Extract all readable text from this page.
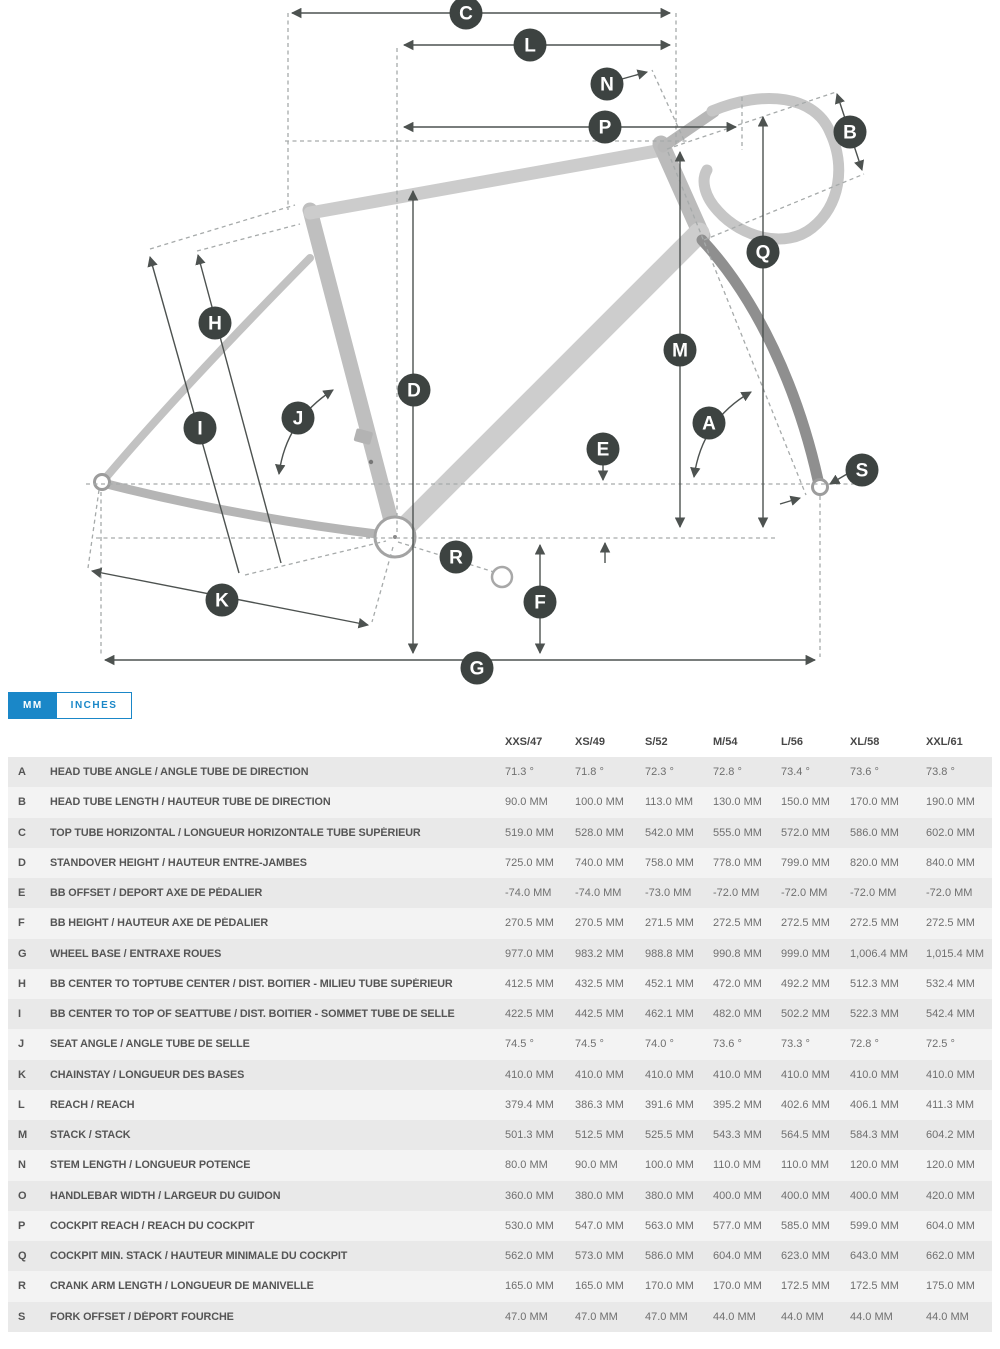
C
L
N
P	B
Q
H
M
D
J	A
I
E
S
R
K	F
G
MM	INCHES
XXS/47	XS/49	S/52	M/54	L/56	XL/58	XXL/61
A	HEAD TUBE ANGLE / ANGLE TUBE DE DIRECTION	71.3 °	71.8 °	72.3 °	72.8 °	73.4 °	73.6 °	73.8 °
B	HEAD TUBE LENGTH / HAUTEUR TUBE DE DIRECTION	90.0 MM	100.0 MM	113.0 MM	130.0 MM	150.0 MM	170.0 MM	190.0 MM
C	TOP TUBE HORIZONTAL / LONGUEUR HORIZONTALE TUBE SUPÉRIEUR	519.0 MM	528.0 MM	542.0 MM	555.0 MM	572.0 MM	586.0 MM	602.0 MM
D	STANDOVER HEIGHT / HAUTEUR ENTRE-JAMBES	725.0 MM	740.0 MM	758.0 MM	778.0 MM	799.0 MM	820.0 MM	840.0 MM
E	BB OFFSET / DEPORT AXE DE PÉDALIER	-74.0 MM	-74.0 MM	-73.0 MM	-72.0 MM	-72.0 MM	-72.0 MM	-72.0 MM
F	BB HEIGHT / HAUTEUR AXE DE PÉDALIER	270.5 MM	270.5 MM	271.5 MM	272.5 MM	272.5 MM	272.5 MM	272.5 MM
G	WHEEL BASE / ENTRAXE ROUES	977.0 MM	983.2 MM	988.8 MM	990.8 MM	999.0 MM	1,006.4 MM	1,015.4 MM
H	BB CENTER TO TOPTUBE CENTER / DIST. BOITIER - MILIEU TUBE SUPÉRIEUR	412.5 MM	432.5 MM	452.1 MM	472.0 MM	492.2 MM	512.3 MM	532.4 MM
I	BB CENTER TO TOP OF SEATTUBE / DIST. BOITIER - SOMMET TUBE DE SELLE	422.5 MM	442.5 MM	462.1 MM	482.0 MM	502.2 MM	522.3 MM	542.4 MM
J	SEAT ANGLE / ANGLE TUBE DE SELLE	74.5 °	74.5 °	74.0 °	73.6 °	73.3 °	72.8 °	72.5 °
K	CHAINSTAY / LONGUEUR DES BASES	410.0 MM	410.0 MM	410.0 MM	410.0 MM	410.0 MM	410.0 MM	410.0 MM
L	REACH / REACH	379.4 MM	386.3 MM	391.6 MM	395.2 MM	402.6 MM	406.1 MM	411.3 MM
M	STACK / STACK	501.3 MM	512.5 MM	525.5 MM	543.3 MM	564.5 MM	584.3 MM	604.2 MM
N	STEM LENGTH / LONGUEUR POTENCE	80.0 MM	90.0 MM	100.0 MM	110.0 MM	110.0 MM	120.0 MM	120.0 MM
O	HANDLEBAR WIDTH / LARGEUR DU GUIDON	360.0 MM	380.0 MM	380.0 MM	400.0 MM	400.0 MM	400.0 MM	420.0 MM
P	COCKPIT REACH / REACH DU COCKPIT	530.0 MM	547.0 MM	563.0 MM	577.0 MM	585.0 MM	599.0 MM	604.0 MM
Q	COCKPIT MIN. STACK / HAUTEUR MINIMALE DU COCKPIT	562.0 MM	573.0 MM	586.0 MM	604.0 MM	623.0 MM	643.0 MM	662.0 MM
R	CRANK ARM LENGTH / LONGUEUR DE MANIVELLE	165.0 MM	165.0 MM	170.0 MM	170.0 MM	172.5 MM	172.5 MM	175.0 MM
S	FORK OFFSET / DÉPORT FOURCHE	47.0 MM	47.0 MM	47.0 MM	44.0 MM	44.0 MM	44.0 MM	44.0 MM
